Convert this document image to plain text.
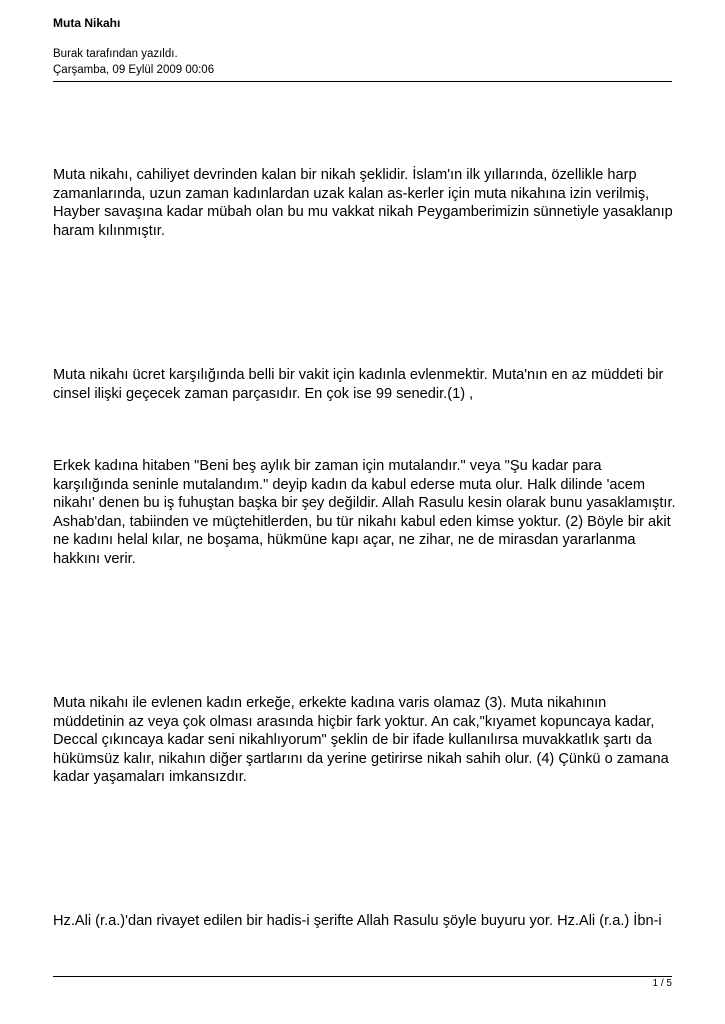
Muta Nikahı
Burak tarafından yazıldı.
Çarşamba, 09 Eylül 2009 00:06

Muta nikahı, cahiliyet devrinden kalan bir nikah şeklidir. İslam'ın ilk yıllarında, özellikle harp zamanlarında, uzun zaman kadınlardan uzak kalan as-kerler için muta nikahına izin verilmiş, Hayber savaşına kadar mübah olan bu mu vakkat nikah Peygamberimizin sünnetiyle yasaklanıp haram kılınmıştır.

Muta nikahı ücret karşılığında belli bir vakit için kadınla evlenmektir. Muta'nın en az müddeti bir cinsel ilişki geçecek zaman parçasıdır. En çok ise 99 senedir.(1) ,

Erkek kadına hitaben "Beni beş aylık bir zaman için mutalandır." veya "Şu kadar para karşılığında seninle mutalandım." deyip kadın da kabul ederse muta olur. Halk dilinde 'acem nikahı' denen bu iş fuhuştan başka bir şey değildir. Allah Rasulu kesin olarak bunu yasaklamıştır. Ashab'dan, tabiinden ve müçtehitlerden, bu tür nikahı kabul eden kimse yoktur. (2) Böyle bir akit ne kadını helal kılar, ne boşama, hükmüne kapı açar, ne zihar, ne de mirasdan yararlanma hakkını verir.

Muta nikahı ile evlenen kadın erkeğe, erkekte kadına varis olamaz (3). Muta nikahının müddetinin az veya çok olması arasında hiçbir fark yoktur. An cak,"kıyamet kopuncaya kadar, Deccal çıkıncaya kadar seni nikahlıyorum" şeklin de bir ifade kullanılırsa muvakkatlık şartı da hükümsüz kalır, nikahın diğer şartlarını da yerine getirirse nikah sahih olur. (4) Çünkü o zamana kadar yaşamaları imkansızdır.

Hz.Ali (r.a.)'dan rivayet edilen bir hadis-i şerifte Allah Rasulu şöyle buyuru yor. Hz.Ali (r.a.) İbn-i

1 / 5
